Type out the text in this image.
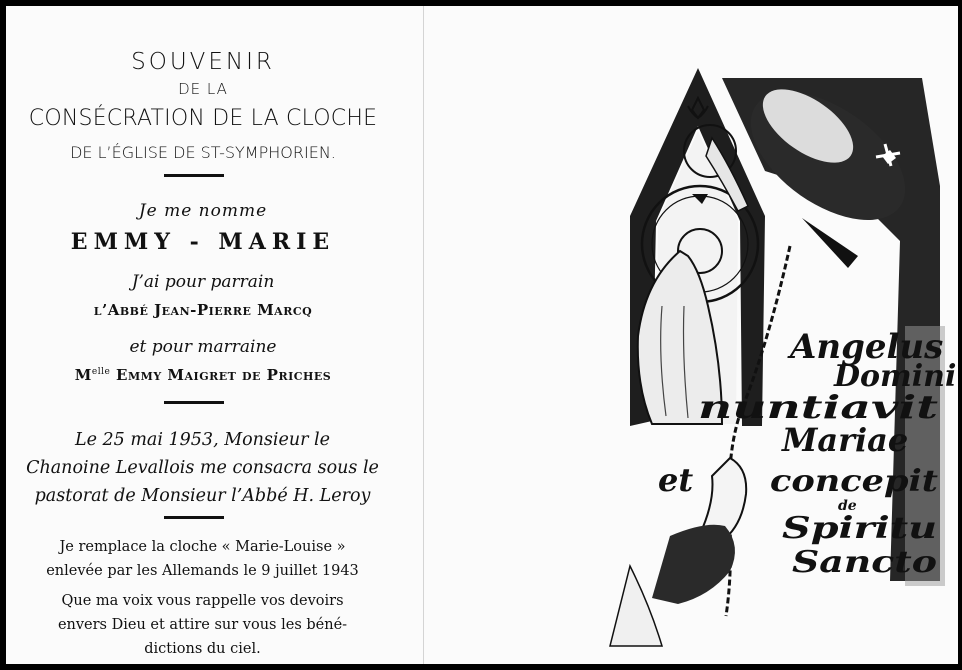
SOUVENIR
DE LA
CONSÉCRATION DE LA CLOCHE
DE L’ÉGLISE DE ST-SYMPHORIEN.
Je me nomme
EMMY - MARIE
J’ai pour parrain
l’Abbé Jean-Pierre Marcq
et pour marraine
$M^{elle}$ Emmy Maigret de Priches
Le 25 mai 1953, Monsieur le
Chanoine Levallois me consacra sous le
pastorat de Monsieur l’Abbé H. Leroy
Je remplace la cloche « Marie-Louise »
enlevée par les Allemands le 9 juillet 1943
Que ma voix vous rappelle vos devoirs
envers Dieu et attire sur vous les béné-
dictions du ciel.
Angelus
Domini
nuntiavit
Mariae
et	concepit
de
Spiritu
Sancto
